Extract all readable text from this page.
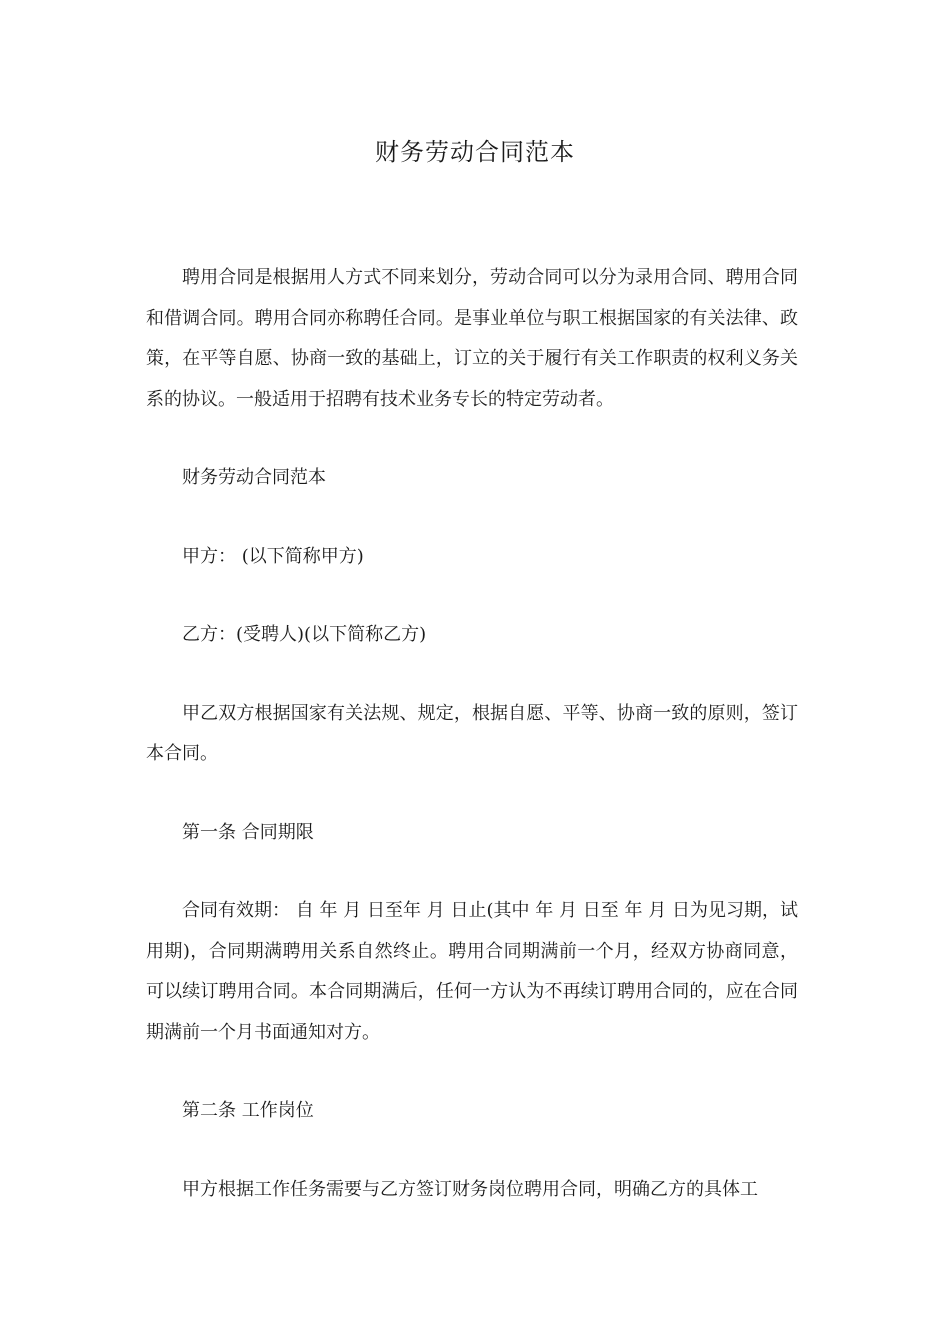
财务劳动合同范本

聘用合同是根据用人方式不同来划分，劳动合同可以分为录用合同、聘用合同和借调合同。聘用合同亦称聘任合同。是事业单位与职工根据国家的有关法律、政策，在平等自愿、协商一致的基础上，订立的关于履行有关工作职责的权利义务关系的协议。一般适用于招聘有技术业务专长的特定劳动者。

财务劳动合同范本

甲方： (以下简称甲方)

乙方：(受聘人)(以下简称乙方)

甲乙双方根据国家有关法规、规定，根据自愿、平等、协商一致的原则，签订本合同。

第一条 合同期限

合同有效期： 自 年 月 日至年 月 日止(其中 年 月 日至 年 月 日为见习期，试用期)，合同期满聘用关系自然终止。聘用合同期满前一个月，经双方协商同意，可以续订聘用合同。本合同期满后，任何一方认为不再续订聘用合同的，应在合同期满前一个月书面通知对方。

第二条 工作岗位

甲方根据工作任务需要与乙方签订财务岗位聘用合同，明确乙方的具体工
